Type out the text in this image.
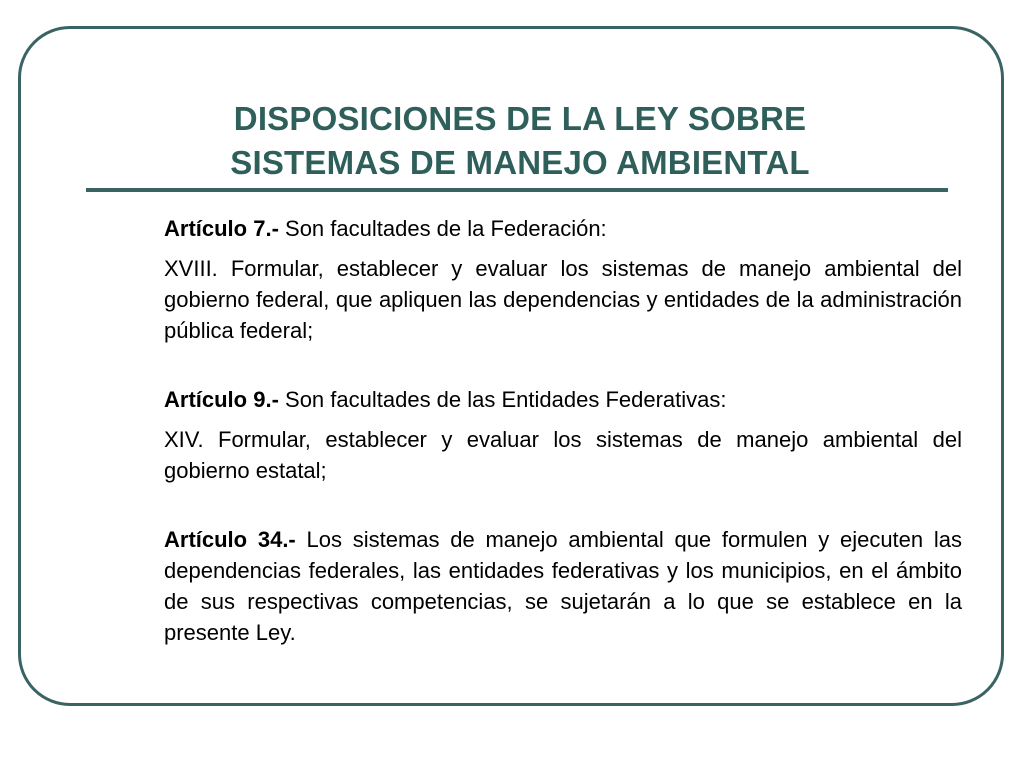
DISPOSICIONES DE LA LEY SOBRE
SISTEMAS DE MANEJO AMBIENTAL

Artículo 7.- Son facultades de la Federación:

XVIII. Formular, establecer y evaluar los sistemas de manejo ambiental del gobierno federal, que apliquen las dependencias y entidades de la administración pública federal;

Artículo 9.- Son facultades de las Entidades Federativas:

XIV. Formular, establecer y evaluar los sistemas de manejo ambiental del gobierno estatal;

Artículo 34.- Los sistemas de manejo ambiental que formulen y ejecuten las dependencias federales, las entidades federativas y los municipios, en el ámbito de sus respectivas competencias, se sujetarán a lo que se establece en la presente Ley.
